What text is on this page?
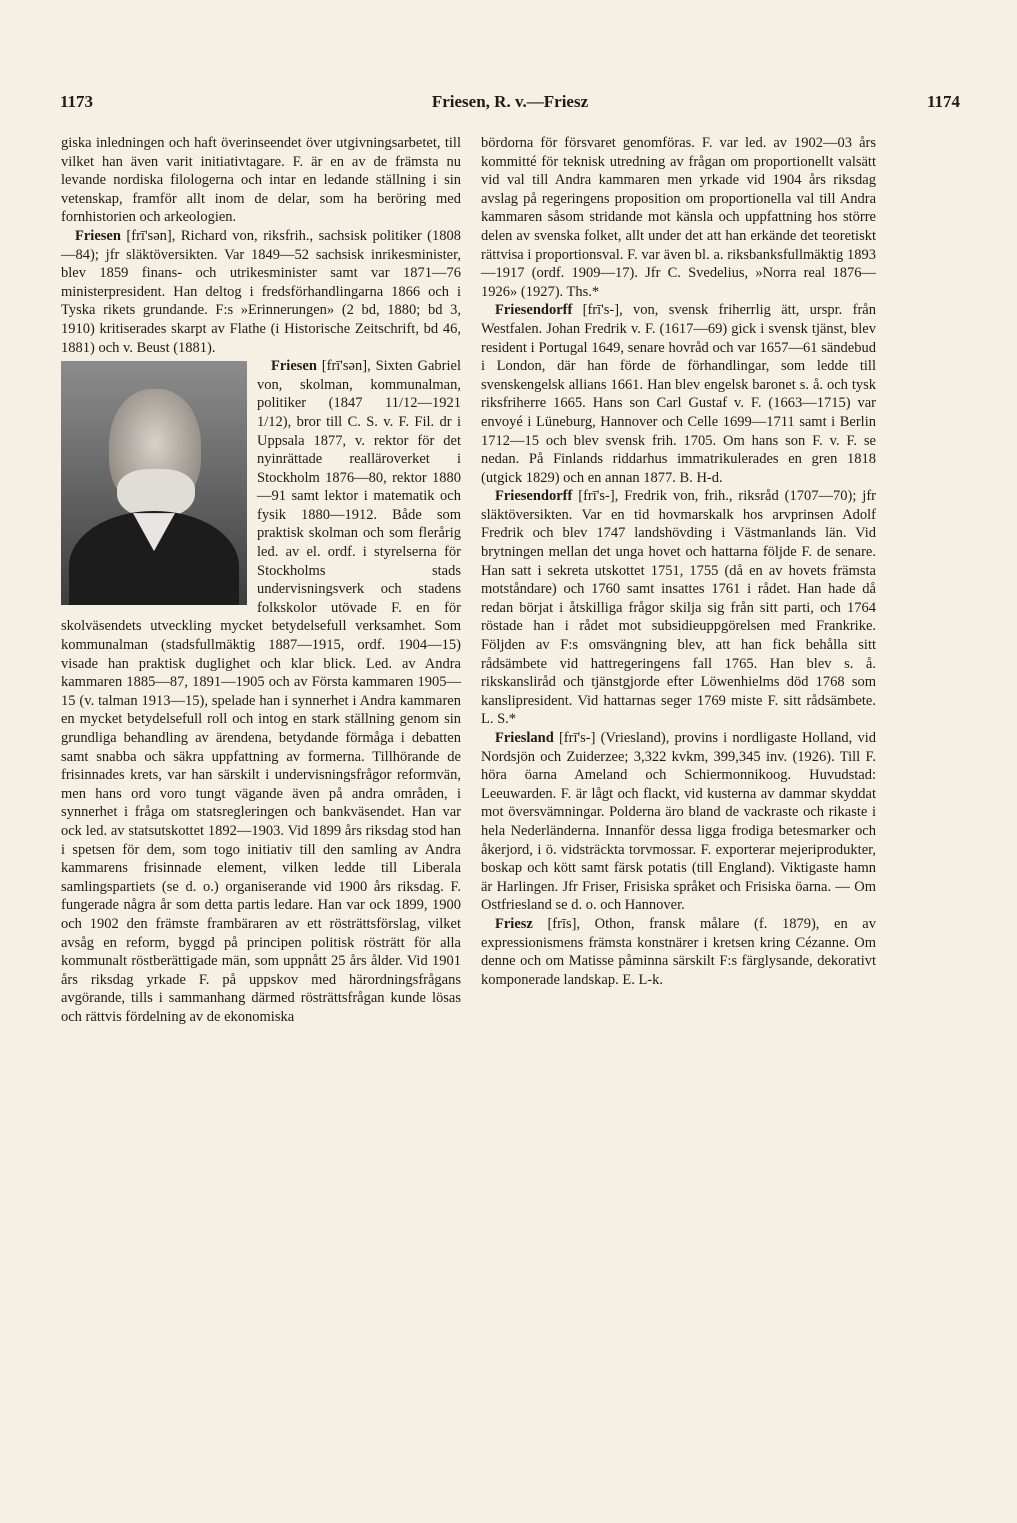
1173	Friesen, R. v.—Friesz	1174

giska inledningen och haft överinseendet över utgivningsarbetet, till vilket han även varit initiativtagare. F. är en av de främsta nu levande nordiska filologerna och intar en ledande ställning i sin vetenskap, framför allt inom de delar, som ha beröring med fornhistorien och arkeologien.

Friesen [frī'sən], Richard von, riksfrih., sachsisk politiker (1808—84); jfr släktöversikten. Var 1849—52 sachsisk inrikesminister, blev 1859 finans- och utrikesminister samt var 1871—76 ministerpresident. Han deltog i fredsförhandlingarna 1866 och i Tyska rikets grundande. F:s »Erinnerungen» (2 bd, 1880; bd 3, 1910) kritiserades skarpt av Flathe (i Historische Zeitschrift, bd 46, 1881) och v. Beust (1881).

Friesen [frī'sən], Sixten Gabriel von, skolman, kommunalman, politiker (1847 11/12—1921 1/12), bror till C. S. v. F. Fil. dr i Uppsala 1877, v. rektor för det nyinrättade realläroverket i Stockholm 1876—80, rektor 1880—91 samt lektor i matematik och fysik 1880—1912. Både som praktisk skolman och som flerårig led. av el. ordf. i styrelserna för Stockholms stads undervisningsverk och stadens folkskolor utövade F. en för skolväsendets utveckling mycket betydelsefull verksamhet. Som kommunalman (stadsfullmäktig 1887—1915, ordf. 1904—15) visade han praktisk duglighet och klar blick. Led. av Andra kammaren 1885—87, 1891—1905 och av Första kammaren 1905—15 (v. talman 1913—15), spelade han i synnerhet i Andra kammaren en mycket betydelsefull roll och intog en stark ställning genom sin grundliga behandling av ärendena, betydande förmåga i debatten samt snabba och säkra uppfattning av formerna. Tillhörande de frisinnades krets, var han särskilt i undervisningsfrågor reformvän, men hans ord voro tungt vägande även på andra områden, i synnerhet i fråga om statsregleringen och bankväsendet. Han var ock led. av statsutskottet 1892—1903. Vid 1899 års riksdag stod han i spetsen för dem, som togo initiativ till den samling av Andra kammarens frisinnade element, vilken ledde till Liberala samlingspartiets (se d. o.) organiserande vid 1900 års riksdag. F. fungerade några år som detta partis ledare. Han var ock 1899, 1900 och 1902 den främste frambäraren av ett rösträttsförslag, vilket avsåg en reform, byggd på principen politisk rösträtt för alla kommunalt röstberättigade män, som uppnått 25 års ålder. Vid 1901 års riksdag yrkade F. på uppskov med härordningsfrågans avgörande, tills i sammanhang därmed rösträttsfrågan kunde lösas och rättvis fördelning av de ekonomiska

bördorna för försvaret genomföras. F. var led. av 1902—03 års kommitté för teknisk utredning av frågan om proportionellt valsätt vid val till Andra kammaren men yrkade vid 1904 års riksdag avslag på regeringens proposition om proportionella val till Andra kammaren såsom stridande mot känsla och uppfattning hos större delen av svenska folket, allt under det att han erkände det teoretiskt rättvisa i proportionsval. F. var även bl. a. riksbanksfullmäktig 1893—1917 (ordf. 1909—17). Jfr C. Svedelius, »Norra real 1876—1926» (1927). Ths.*

Friesendorff [frī's-], von, svensk friherrlig ätt, urspr. från Westfalen. Johan Fredrik v. F. (1617—69) gick i svensk tjänst, blev resident i Portugal 1649, senare hovråd och var 1657—61 sändebud i London, där han förde de förhandlingar, som ledde till svenskengelsk allians 1661. Han blev engelsk baronet s. å. och tysk riksfriherre 1665. Hans son Carl Gustaf v. F. (1663—1715) var envoyé i Lüneburg, Hannover och Celle 1699—1711 samt i Berlin 1712—15 och blev svensk frih. 1705. Om hans son F. v. F. se nedan. På Finlands riddarhus immatrikulerades en gren 1818 (utgick 1829) och en annan 1877. B. H-d.

Friesendorff [frī's-], Fredrik von, frih., riksråd (1707—70); jfr släktöversikten. Var en tid hovmarskalk hos arvprinsen Adolf Fredrik och blev 1747 landshövding i Västmanlands län. Vid brytningen mellan det unga hovet och hattarna följde F. de senare. Han satt i sekreta utskottet 1751, 1755 (då en av hovets främsta motståndare) och 1760 samt insattes 1761 i rådet. Han hade då redan börjat i åtskilliga frågor skilja sig från sitt parti, och 1764 röstade han i rådet mot subsidieuppgörelsen med Frankrike. Följden av F:s omsvängning blev, att han fick behålla sitt rådsämbete vid hattregeringens fall 1765. Han blev s. å. rikskansliråd och tjänstgjorde efter Löwenhielms död 1768 som kanslipresident. Vid hattarnas seger 1769 miste F. sitt rådsämbete. L. S.*

Friesland [frī's-] (Vriesland), provins i nordligaste Holland, vid Nordsjön och Zuiderzee; 3,322 kvkm, 399,345 inv. (1926). Till F. höra öarna Ameland och Schiermonnikoog. Huvudstad: Leeuwarden. F. är lågt och flackt, vid kusterna av dammar skyddat mot översvämningar. Polderna äro bland de vackraste och rikaste i hela Nederländerna. Innanför dessa ligga frodiga betesmarker och åkerjord, i ö. vidsträckta torvmossar. F. exporterar mejeriprodukter, boskap och kött samt färsk potatis (till England). Viktigaste hamn är Harlingen. Jfr Friser, Frisiska språket och Frisiska öarna. — Om Ostfriesland se d. o. och Hannover.

Friesz [frīs], Othon, fransk målare (f. 1879), en av expressionismens främsta konstnärer i kretsen kring Cézanne. Om denne och om Matisse påminna särskilt F:s färglysande, dekorativt komponerade landskap. E. L-k.
